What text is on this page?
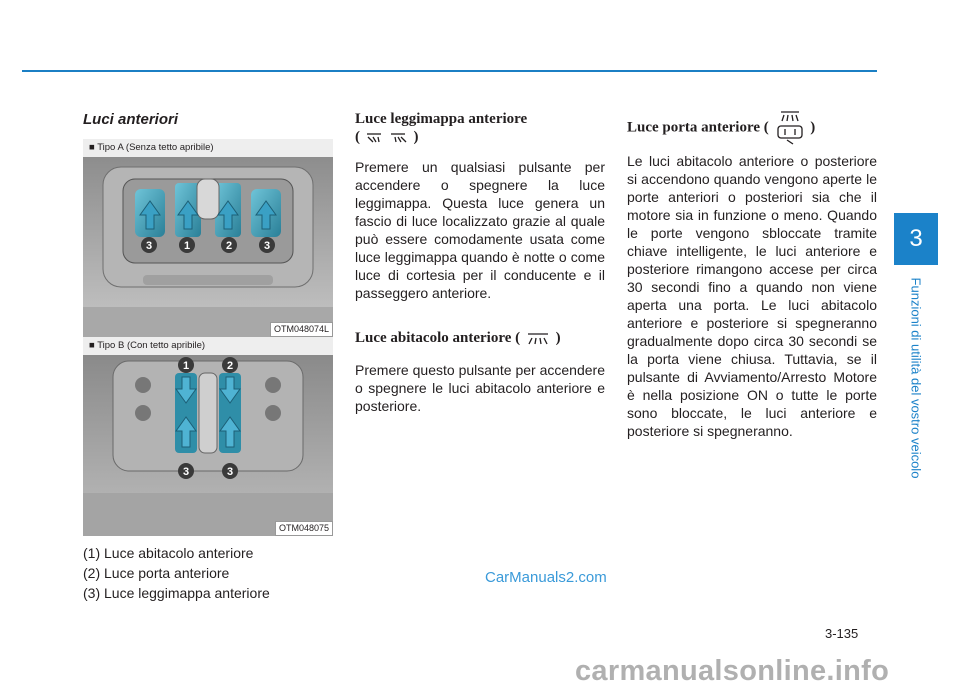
3
Funzioni di utilità del vostro veicolo
Luci anteriori
■ Tipo A (Senza tetto apribile)
3	1	2	3
OTM048074L
■ Tipo B (Con tetto apribile)
1	2
3	3
OTM048075
(1) Luce abitacolo anteriore
(2) Luce porta anteriore
(3) Luce leggimappa anteriore
Luce leggimappa anteriore
(	)

Premere un qualsiasi pulsante per accendere o spegnere la luce leggimappa. Questa luce genera un fascio di luce localizzato grazie al quale può essere comodamente usata come luce leggimappa quando è notte o come luce di cortesia per il conducente e il passeggero anteriore.

Luce abitacolo anteriore ( )

Premere questo pulsante per accendere o spegnere le luci abitacolo anteriore e posteriore.

Luce porta anteriore (	)

Le luci abitacolo anteriore o posteriore si accendono quando vengono aperte le porte anteriori o posteriori sia che il motore sia in funzione o meno. Quando le porte vengono sbloccate tramite chiave intelligente, le luci anteriore e posteriore rimangono accese per circa 30 secondi fino a quando non viene aperta una porta. Le luci abitacolo anteriore e posteriore si spegneranno gradualmente dopo circa 30 secondi se la porta viene chiusa. Tuttavia, se il pulsante di Avviamento/Arresto Motore è nella posizione ON o tutte le porte sono bloccate, le luci anteriore e posteriore si spegneranno.

CarManuals2.com
3-135
carmanualsonline.info
